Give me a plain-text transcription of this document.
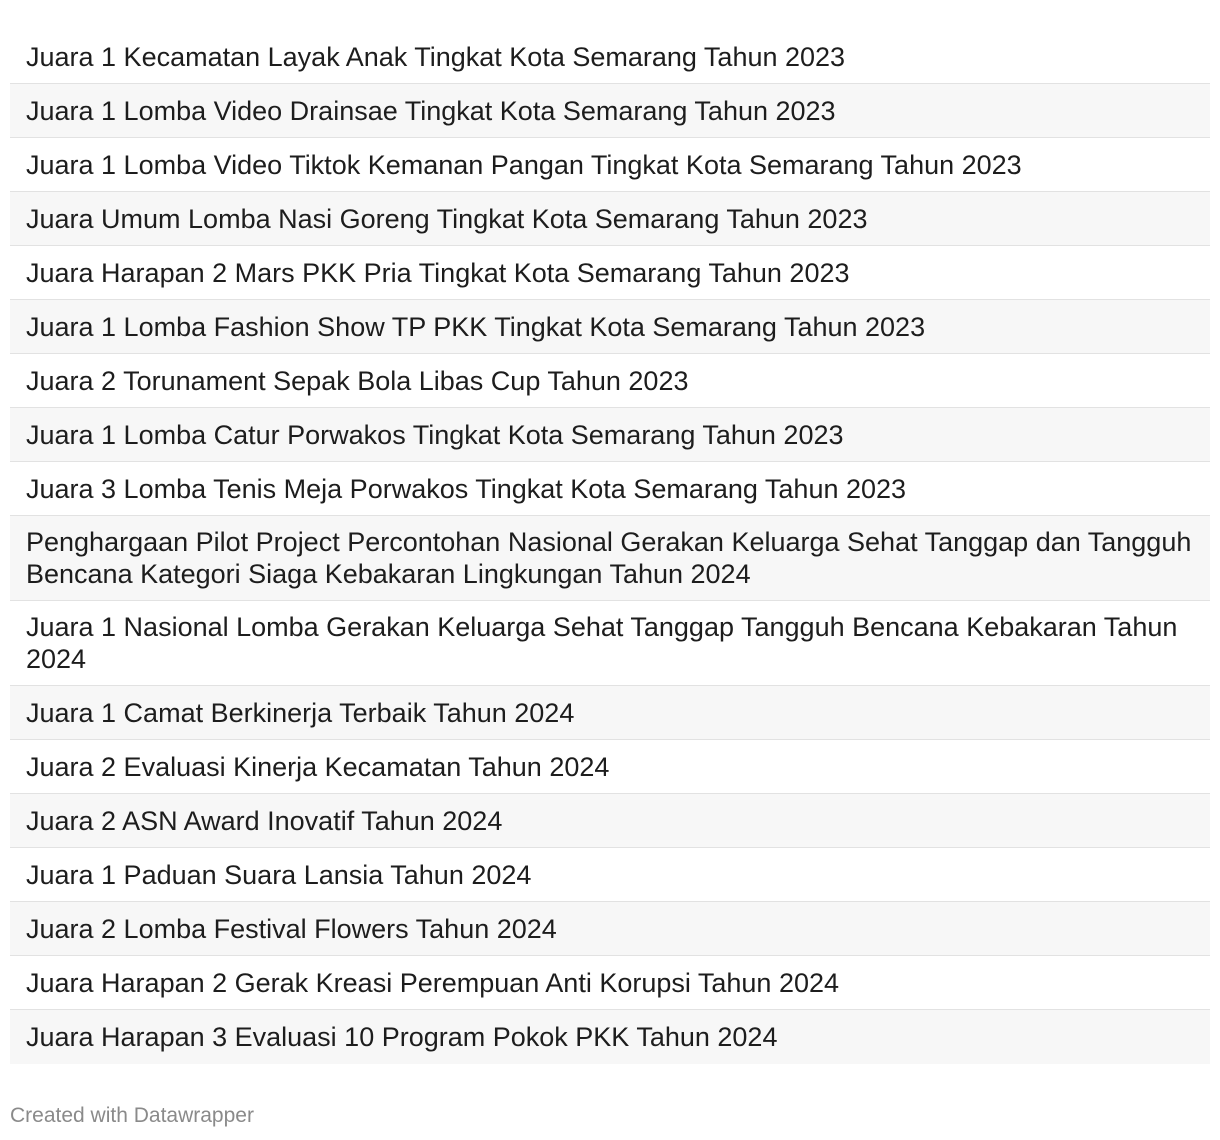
Juara 1 Kecamatan Layak Anak Tingkat Kota Semarang Tahun 2023
Juara 1 Lomba Video Drainsae Tingkat Kota Semarang Tahun 2023
Juara 1 Lomba Video Tiktok Kemanan Pangan Tingkat Kota Semarang Tahun 2023
Juara Umum Lomba Nasi Goreng Tingkat Kota Semarang Tahun 2023
Juara Harapan 2 Mars PKK Pria Tingkat Kota Semarang Tahun 2023
Juara 1 Lomba Fashion Show TP PKK Tingkat Kota Semarang Tahun 2023
Juara 2 Torunament Sepak Bola Libas Cup Tahun 2023
Juara 1 Lomba Catur Porwakos Tingkat Kota Semarang Tahun 2023
Juara 3 Lomba Tenis Meja Porwakos Tingkat Kota Semarang Tahun 2023
Penghargaan Pilot Project Percontohan Nasional Gerakan Keluarga Sehat Tanggap dan Tangguh Bencana Kategori Siaga Kebakaran Lingkungan Tahun 2024
Juara 1 Nasional Lomba Gerakan Keluarga Sehat Tanggap Tangguh Bencana Kebakaran Tahun 2024
Juara 1 Camat Berkinerja Terbaik Tahun 2024
Juara 2 Evaluasi Kinerja Kecamatan Tahun 2024
Juara 2 ASN Award Inovatif Tahun 2024
Juara 1 Paduan Suara Lansia Tahun 2024
Juara 2 Lomba Festival Flowers Tahun 2024
Juara Harapan 2 Gerak Kreasi Perempuan Anti Korupsi Tahun 2024
Juara Harapan 3 Evaluasi 10 Program Pokok PKK Tahun 2024
Created with Datawrapper
